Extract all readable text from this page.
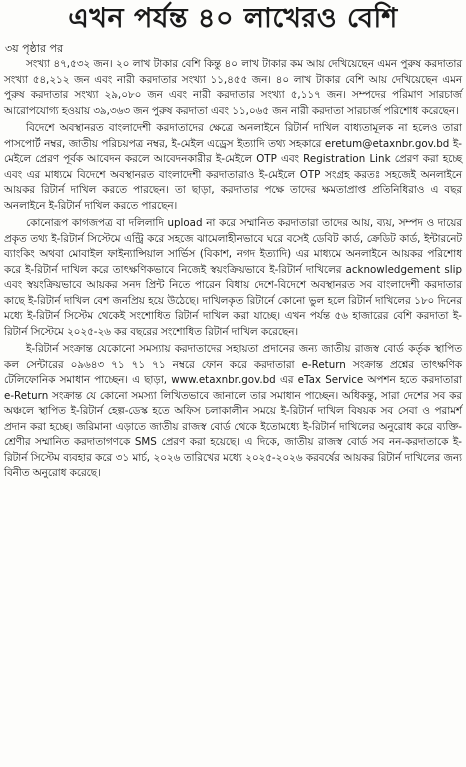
এখন পর্যন্ত ৪০ লাখেরও বেশি
৩য় পৃষ্ঠার পর

সংখ্যা ৪৭,৫৩২ জন। ২০ লাখ টাকার বেশি কিন্তু ৪০ লাখ টাকার কম আয় দেখিয়েছেন এমন পুরুষ করদাতার সংখ্যা ৫৪,২১২ জন এবং নারী করদাতার সংখ্যা ১১,৪৫৫ জন। ৪০ লাখ টাকার বেশি আয় দেখিয়েছেন এমন পুরুষ করদাতার সংখ্যা ২৯,০৮০ জন এবং নারী করদাতার সংখ্যা ৫,১১৭ জন। সম্পদের পরিমাণ সারচার্জ আরোপযোগ্য হওয়ায় ৩৯,৩৬৩ জন পুরুষ করদাতা এবং ১১,০৬৫ জন নারী করদাতা সারচার্জ পরিশোধ করেছেন।

বিদেশে অবস্থানরত বাংলাদেশী করদাতাদের ক্ষেত্রে অনলাইনে রিটার্ন দাখিল বাধ্যতামূলক না হলেও তারা পাসপোর্ট নম্বর, জাতীয় পরিচয়পত্র নম্বর, ই-মেইল এড্রেস ইত্যাদি তথ্য সহকারে eretum@etaxnbr.gov.bd ই-মেইলে প্রেরণ পূর্বক আবেদন করলে আবেদনকারীর ই-মেইলে OTP এবং Registration Link প্রেরণ করা হচ্ছে এবং এর মাধ্যমে বিদেশে অবস্থানরত বাংলাদেশী করদাতারাও ই-মেইলে OTP সংগ্রহ করতঃ সহজেই অনলাইনে আয়কর রিটার্ন দাখিল করতে পারছেন। তা ছাড়া, করদাতার পক্ষে তাদের ক্ষমতাপ্রাপ্ত প্রতিনিধিরাও এ বছর অনলাইনে ই-রিটার্ন দাখিল করতে পারছেন।

কোনোরূপ কাগজপত্র বা দলিলাদি upload না করে সম্মানিত করদাতারা তাদের আয়, ব্যয়, সম্পদ ও দায়ের প্রকৃত তথ্য ই-রিটার্ন সিস্টেমে এন্ট্রি করে সহজে ঝামেলাহীনভাবে ঘরে বসেই ডেবিট কার্ড, ক্রেডিট কার্ড, ইন্টারনেট ব্যাংকিং অথবা মোবাইল ফাইন্যান্সিয়াল সার্ভিস (বিকাশ, নগদ ইত্যাদি) এর মাধ্যমে অনলাইনে আয়কর পরিশোধ করে ই-রিটার্ন দাখিল করে তাৎক্ষণিকভাবে নিজেই স্বয়ংক্রিয়ভাবে ই-রিটার্ন দাখিলের acknowledgement slip এবং স্বয়ংক্রিয়ভাবে আয়কর সনদ প্রিন্ট নিতে পারেন বিধায় দেশে-বিদেশে অবস্থানরত সব বাংলাদেশী করদাতার কাছে ই-রিটার্ন দাখিল বেশ জনপ্রিয় হয়ে উঠেছে। দাখিলকৃত রিটার্নে কোনো ভুল হলে রিটার্ন দাখিলের ১৮০ দিনের মধ্যে ই-রিটার্ন সিস্টেম থেকেই সংশোধিত রিটার্ন দাখিল করা যাচ্ছে। এখন পর্যন্ত ৫৬ হাজারের বেশি করদাতা ই-রিটার্ন সিস্টেমে ২০২৫-২৬ কর বছরের সংশোধিত রিটার্ন দাখিল করেছেন।

ই-রিটার্ন সংক্রান্ত যেকোনো সমস্যায় করদাতাদের সহায়তা প্রদানের জন্য জাতীয় রাজস্ব বোর্ড কর্তৃক স্থাপিত কল সেন্টারের ০৯৬৪৩ ৭১ ৭১ ৭১ নম্বরে ফোন করে করদাতারা e-Return সংক্রান্ত প্রশ্নের তাৎক্ষণিক টেলিফোনিক সমাধান পাচ্ছেন। এ ছাড়া, www.etaxnbr.gov.bd এর eTax Service অপশন হতে করদাতারা e-Return সংক্রান্ত যে কোনো সমস্যা লিখিতভাবে জানালে তার সমাধান পাচ্ছেন। অধিকন্তু, সারা দেশের সব কর অঞ্চলে স্থাপিত ই-রিটার্ন হেল্প-ডেস্ক হতে অফিস চলাকালীন সময়ে ই-রিটার্ন দাখিল বিষয়ক সব সেবা ও পরামর্শ প্রদান করা হচ্ছে। জরিমানা এড়াতে জাতীয় রাজস্ব বোর্ড থেকে ইতোমধ্যে ই-রিটার্ন দাখিলের অনুরোধ করে ব্যক্তি-শ্রেণীর সম্মানিত করদাতাগণকে SMS প্রেরণ করা হয়েছে। এ দিকে, জাতীয় রাজস্ব বোর্ড সব নন-করদাতাকে ই-রিটার্ন সিস্টেম ব্যবহার করে ৩১ মার্চ, ২০২৬ তারিখের মধ্যে ২০২৫-২০২৬ করবর্ষের আয়কর রিটার্ন দাখিলের জন্য বিনীত অনুরোধ করেছে।
